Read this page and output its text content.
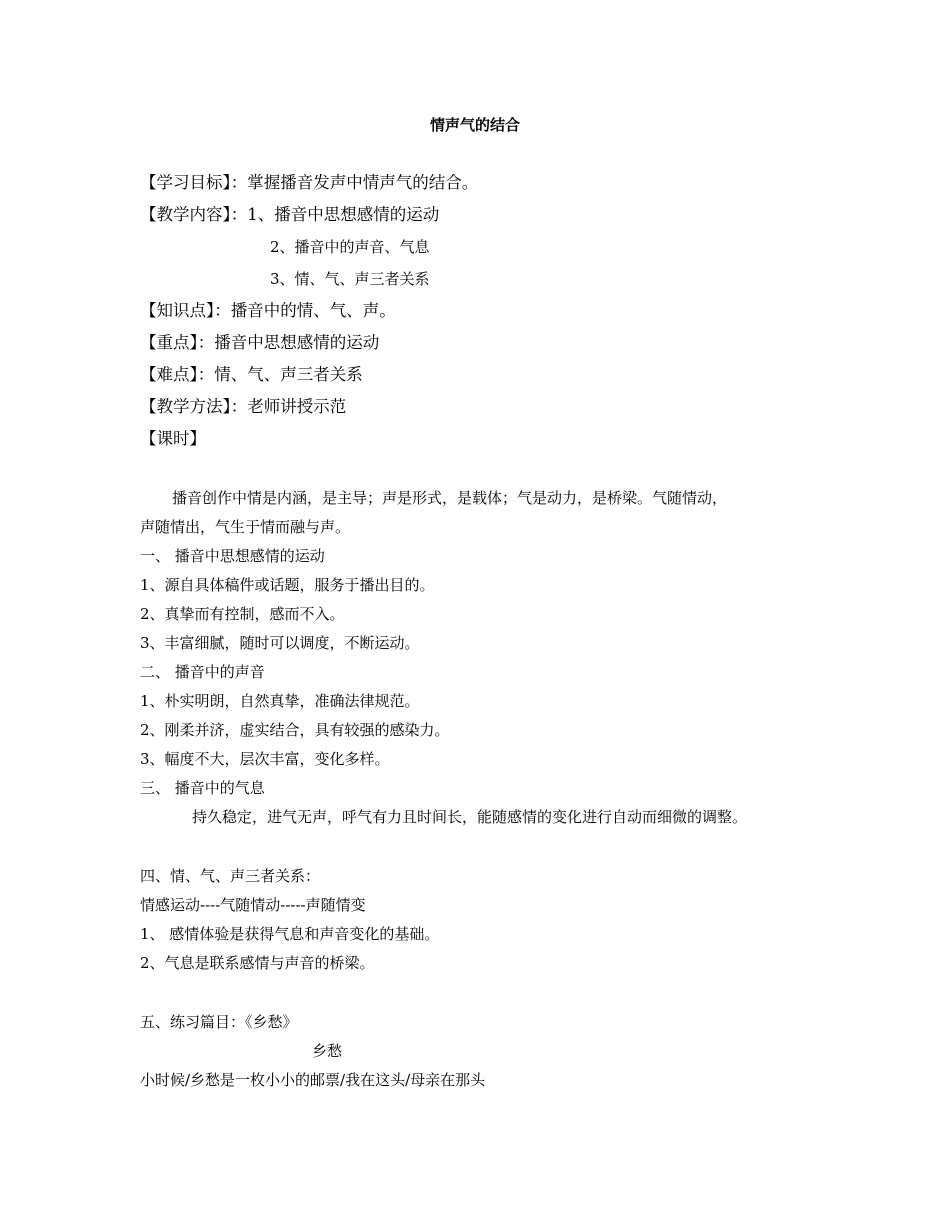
情声气的结合
【学习目标】：掌握播音发声中情声气的结合。
【教学内容】：1、播音中思想感情的运动
2、播音中的声音、气息
3、情、气、声三者关系
【知识点】：播音中的情、气、声。
【重点】：播音中思想感情的运动
【难点】：情、气、声三者关系
【教学方法】：老师讲授示范
【课时】
播音创作中情是内涵，是主导；声是形式，是载体；气是动力，是桥梁。气随情动，
声随情出，气生于情而融与声。
一、 播音中思想感情的运动
1、源自具体稿件或话题，服务于播出目的。
2、真挚而有控制，感而不入。
3、丰富细腻，随时可以调度，不断运动。
二、 播音中的声音
1、朴实明朗，自然真挚，准确法律规范。
2、刚柔并济，虚实结合，具有较强的感染力。
3、幅度不大，层次丰富，变化多样。
三、 播音中的气息
持久稳定，进气无声，呼气有力且时间长，能随感情的变化进行自动而细微的调整。
四、情、气、声三者关系：
情感运动----气随情动-----声随情变
1、 感情体验是获得气息和声音变化的基础。
2、气息是联系感情与声音的桥梁。
五、练习篇目：《乡愁》
乡愁
小时候/乡愁是一枚小小的邮票/我在这头/母亲在那头
